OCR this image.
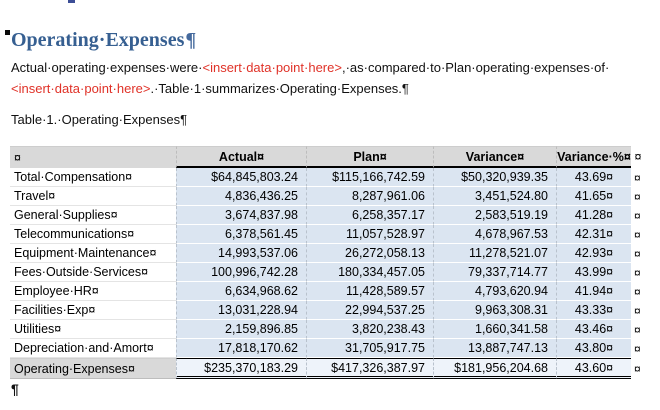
Operating·Expenses¶
Actual·operating·expenses·were·<insert·data·point·here>,·as·compared·to·Plan·operating·expenses·of·
<insert·data·point·here>.·Table·1·summarizes·Operating·Expenses.¶
Table·1.·Operating·Expenses¶
¤	Actual¤	Plan¤	Variance¤	Variance·%¤	¤
Total·Compensation¤	$64,845,803.24	$115,166,742.59	$50,320,939.35	43.69¤	¤
Travel¤	4,836,436.25	8,287,961.06	3,451,524.80	41.65¤	¤
General·Supplies¤	3,674,837.98	6,258,357.17	2,583,519.19	41.28¤	¤
Telecommunications¤	6,378,561.45	11,057,528.97	4,678,967.53	42.31¤	¤
Equipment·Maintenance¤	14,993,537.06	26,272,058.13	11,278,521.07	42.93¤	¤
Fees·Outside·Services¤	100,996,742.28	180,334,457.05	79,337,714.77	43.99¤	¤
Employee·HR¤	6,634,968.62	11,428,589.57	4,793,620.94	41.94¤	¤
Facilities·Exp¤	13,031,228.94	22,994,537.25	9,963,308.31	43.33¤	¤
Utilities¤	2,159,896.85	3,820,238.43	1,660,341.58	43.46¤	¤
Depreciation·and·Amort¤	17,818,170.62	31,705,917.75	13,887,747.13	43.80¤	¤
Operating·Expenses¤	$235,370,183.29	$417,326,387.97	$181,956,204.68	43.60¤	¤
¶
